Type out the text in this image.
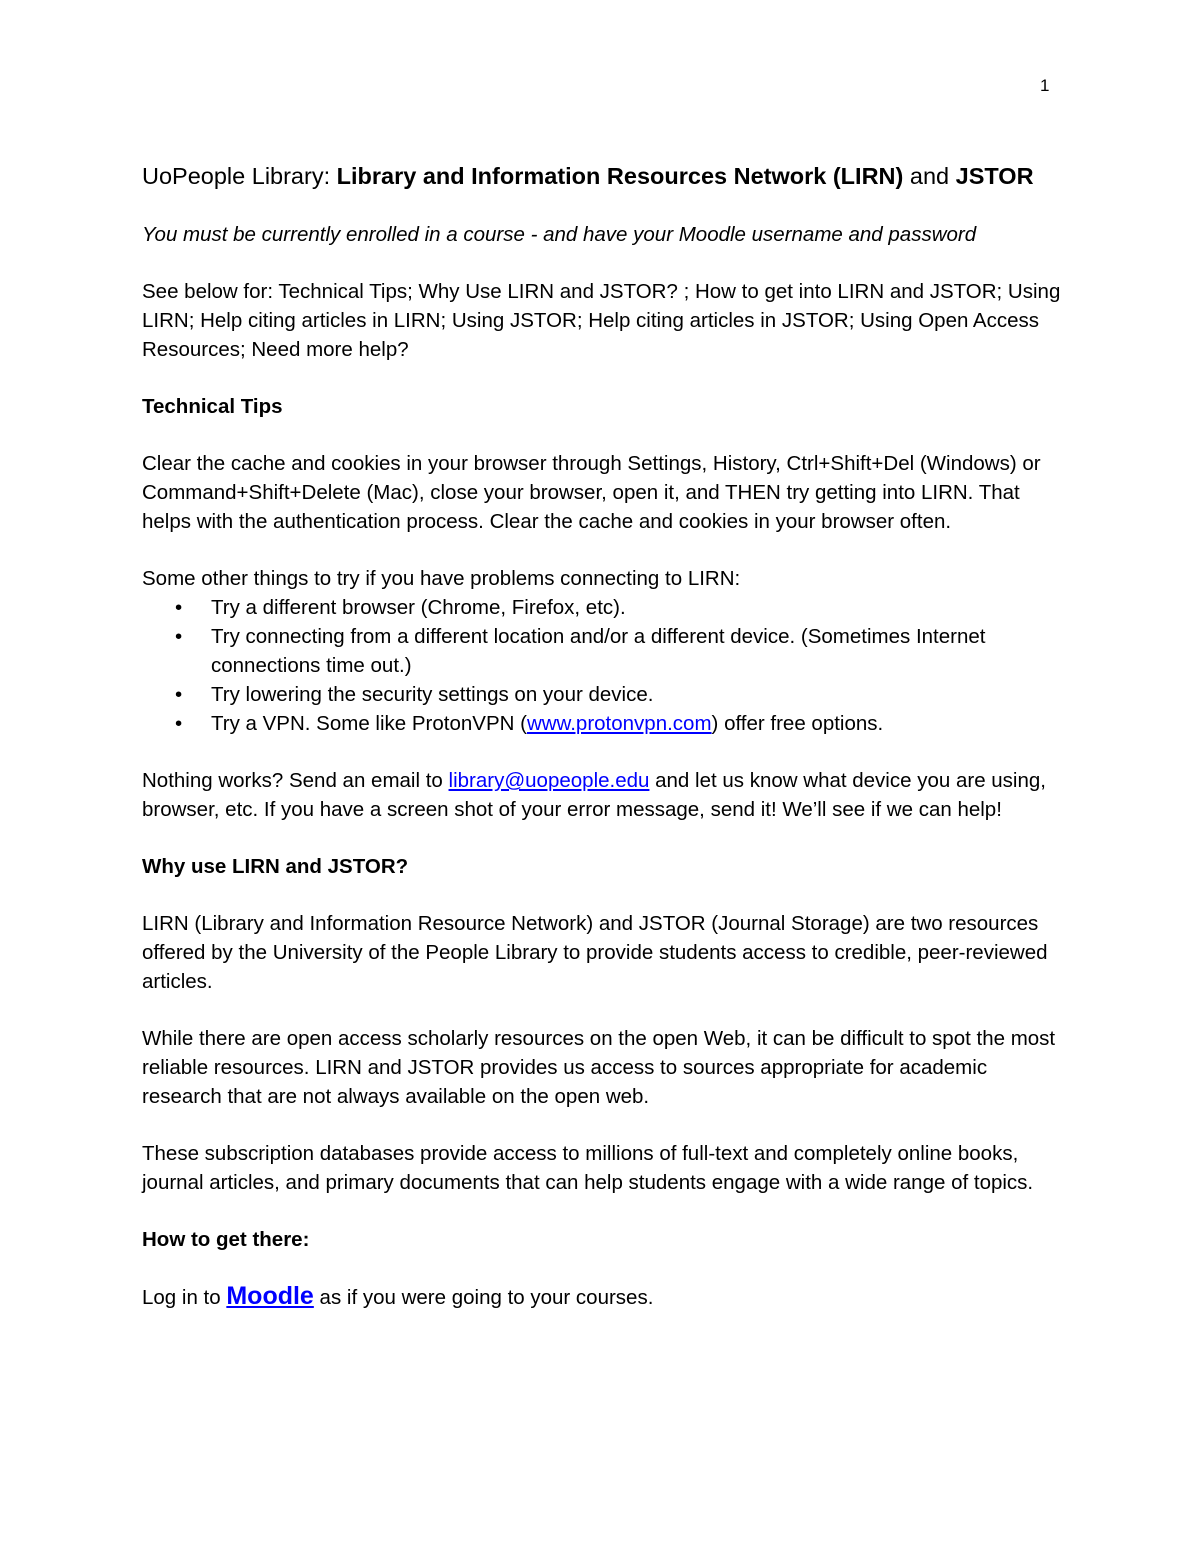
1
UoPeople Library: Library and Information Resources Network (LIRN) and JSTOR

You must be currently enrolled in a course - and have your Moodle username and password

See below for: Technical Tips; Why Use LIRN and JSTOR? ; How to get into LIRN and JSTOR; Using LIRN; Help citing articles in LIRN; Using JSTOR; Help citing articles in JSTOR; Using Open Access Resources; Need more help?

Technical Tips

Clear the cache and cookies in your browser through Settings, History, Ctrl+Shift+Del (Windows) or Command+Shift+Delete (Mac), close your browser, open it, and THEN try getting into LIRN. That helps with the authentication process. Clear the cache and cookies in your browser often.

Some other things to try if you have problems connecting to LIRN:

• Try a different browser (Chrome, Firefox, etc).
• Try connecting from a different location and/or a different device. (Sometimes Internet connections time out.)
• Try lowering the security settings on your device.
• Try a VPN. Some like ProtonVPN (www.protonvpn.com) offer free options.

Nothing works? Send an email to library@uopeople.edu and let us know what device you are using, browser, etc. If you have a screen shot of your error message, send it! We’ll see if we can help!

Why use LIRN and JSTOR?

LIRN (Library and Information Resource Network) and JSTOR (Journal Storage) are two resources offered by the University of the People Library to provide students access to credible, peer-reviewed articles.

While there are open access scholarly resources on the open Web, it can be difficult to spot the most reliable resources. LIRN and JSTOR provides us access to sources appropriate for academic research that are not always available on the open web.

These subscription databases provide access to millions of full-text and completely online books, journal articles, and primary documents that can help students engage with a wide range of topics.

How to get there:

Log in to Moodle as if you were going to your courses.
